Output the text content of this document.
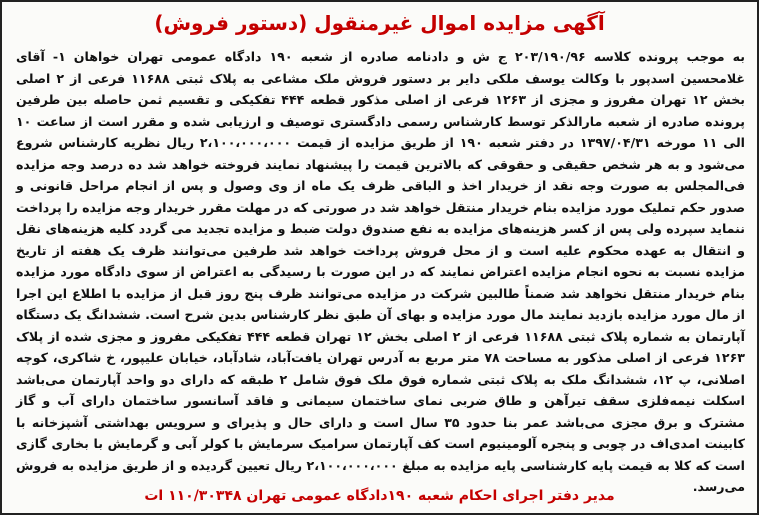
آگهی مزایده اموال غیرمنقول (دستور فروش)
به موجب پرونده کلاسه ۲۰۳/۱۹۰/۹۶ ج ش و دادنامه صادره از شعبه ۱۹۰ دادگاه عمومی تهران خواهان ۱- آقای غلامحسین اسدپور با وکالت یوسف ملکی دایر بر دستور فروش ملک مشاعی به پلاک ثبتی ۱۱۶۸۸ فرعی از ۲ اصلی بخش ۱۲ تهران مفروز و مجزی از ۱۲۶۳ فرعی از اصلی مذکور قطعه ۴۴۴ تفکیکی و تقسیم ثمن حاصله بین طرفین پرونده صادره از شعبه مارالذکر توسط کارشناس رسمی دادگستری توصیف و ارزیابی شده و مقرر است از ساعت ۱۰ الی ۱۱ مورخه ۱۳۹۷/۰۴/۳۱ در دفتر شعبه ۱۹۰ از طریق مزایده از قیمت ۲،۱۰۰،۰۰۰،۰۰۰ ریال نظریه کارشناس شروع می‌شود و به هر شخص حقیقی و حقوقی که بالاترین قیمت را پیشنهاد نمایند فروخته خواهد شد ده درصد وجه مزایده فی‌المجلس به صورت وجه نقد از خریدار اخذ و الباقی ظرف یک ماه از وی وصول و پس از انجام مراحل قانونی و صدور حکم تملیک مورد مزایده بنام خریدار منتقل خواهد شد در صورتی که در مهلت مقرر خریدار وجه مزایده را پرداخت ننماید سپرده ولی پس از کسر هزینه‌های مزایده به نفع صندوق دولت ضبط و مزایده تجدید می گردد کلیه هزینه‌های نقل و انتقال به عهده محکوم علیه است و از محل فروش پرداخت خواهد شد طرفین می‌توانند ظرف یک هفته از تاریخ مزایده نسبت به نحوه انجام مزایده اعتراض نمایند که در این صورت با رسیدگی به اعتراض از سوی دادگاه مورد مزایده بنام خریدار منتقل نخواهد شد ضمناً طالبین شرکت در مزایده می‌توانند ظرف پنج روز قبل از مزایده با اطلاع این اجرا از مال مورد مزایده بازدید نمایند مال مورد مزایده و بهای آن طبق نظر کارشناس بدین شرح است. ششدانگ یک دستگاه آپارتمان به شماره پلاک ثبتی ۱۱۶۸۸ فرعی از ۲ اصلی بخش ۱۲ تهران قطعه ۴۴۴ تفکیکی مفروز و مجزی شده از پلاک ۱۲۶۳ فرعی از اصلی مذکور به مساحت ۷۸ متر مربع به آدرس تهران یافت‌آباد، شادآباد، خیابان علیپور، خ شاکری، کوچه اصلانی، پ ۱۲، ششدانگ ملک به پلاک ثبتی شماره فوق ملک فوق شامل ۲ طبقه که دارای دو واحد آپارتمان می‌باشد اسکلت نیمه‌فلزی سقف تیرآهن و طاق ضربی نمای ساختمان سیمانی و فاقد آسانسور ساختمان دارای آب و گاز مشترک و برق مجزی می‌باشد عمر بنا حدود ۳۵ سال است و دارای حال و پذیرای و سرویس بهداشتی آشپزخانه با کابینت امدی‌اف در چوبی و پنجره آلومینیوم است کف آپارتمان سرامیک سرمایش با کولر آبی و گرمایش با بخاری گازی است که کلا به قیمت پایه کارشناسی پایه مزایده به مبلغ ۲،۱۰۰،۰۰۰،۰۰۰ ریال تعیین گردیده و از طریق مزایده به فروش می‌رسد.
مدیر دفتر اجرای احکام شعبه ۱۹۰دادگاه عمومی تهران ۱۱۰/۳۰۳۴۸ ات
